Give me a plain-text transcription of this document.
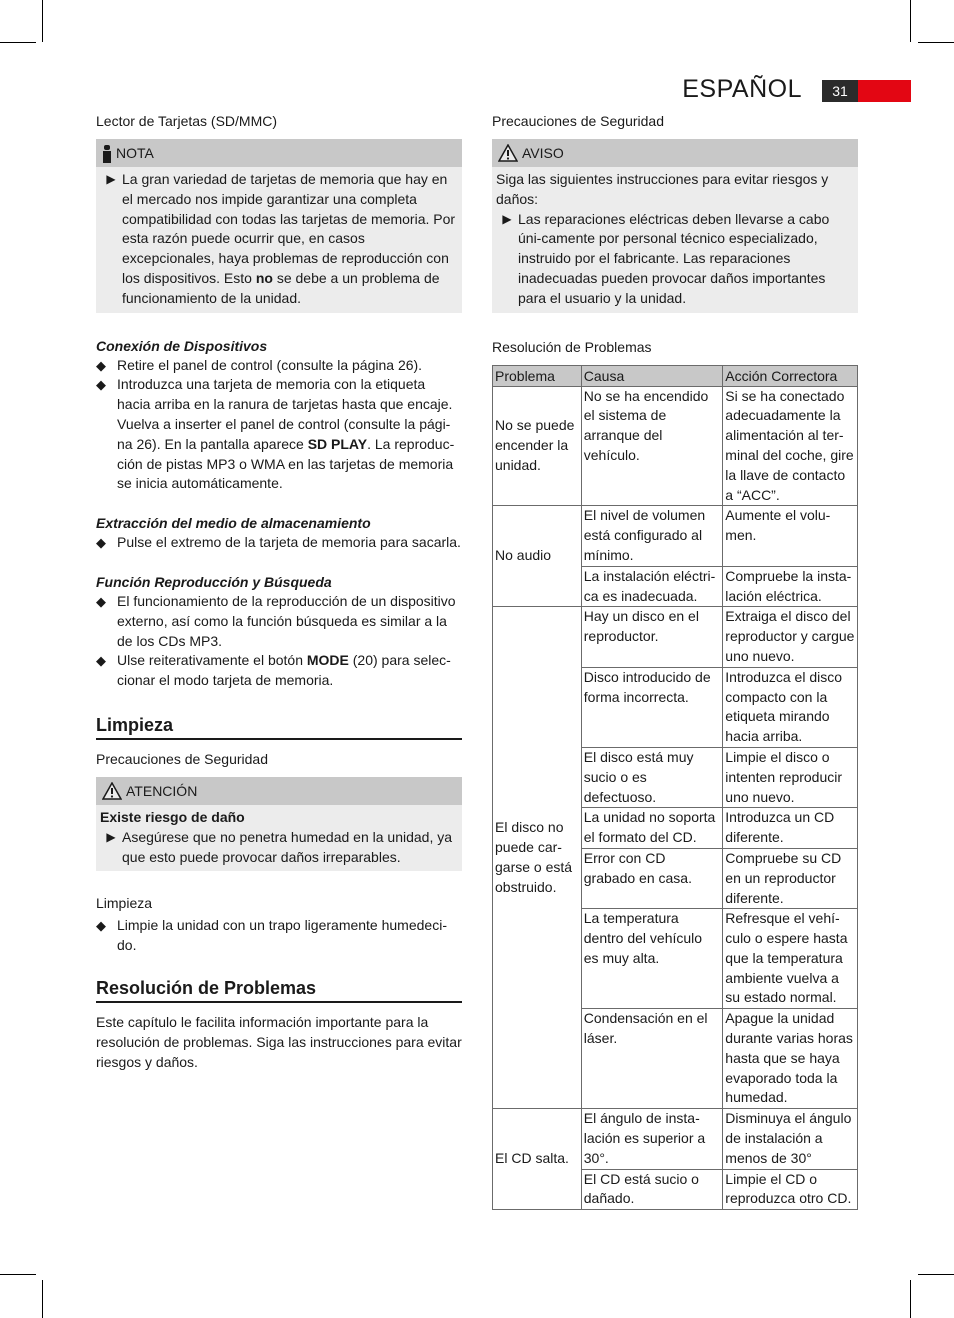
ESPAÑOL	31

Lector de Tarjetas (SD/MMC)

NOTA
▶ La gran variedad de tarjetas de memoria que hay en el mercado nos impide garantizar una completa compatibilidad con todas las tarjetas de memoria. Por esta razón puede ocurrir que, en casos excepcionales, haya problemas de reproducción con los dispositivos. Esto no se debe a un problema de funcionamiento de la unidad.

Conexión de Dispositivos

◆ Retire el panel de control (consulte la página 26).
◆ Introduzca una tarjeta de memoria con la etiqueta hacia arriba en la ranura de tarjetas hasta que encaje. Vuelva a inserter el panel de control (consulte la pági-na 26). En la pantalla aparece SD PLAY. La reproduc-ción de pistas MP3 o WMA en las tarjetas de memoria se inicia automáticamente.

Extracción del medio de almacenamiento

◆ Pulse el extremo de la tarjeta de memoria para sacarla.

Función Reproducción y Búsqueda

◆ El funcionamiento de la reproducción de un dispositivo externo, así como la función búsqueda es similar a la de los CDs MP3.
◆ Ulse reiterativamente el botón MODE (20) para selec-cionar el modo tarjeta de memoria.
Limpieza

Precauciones de Seguridad

ATENCIÓN
Existe riesgo de daño
▶ Asegúrese que no penetra humedad en la unidad, ya que esto puede provocar daños irreparables.

Limpieza

◆ Limpie la unidad con un trapo ligeramente humedeci-do.
Resolución de Problemas

Este capítulo le facilita información importante para la resolución de problemas. Siga las instrucciones para evitar riesgos y daños.

Precauciones de Seguridad

AVISO
Siga las siguientes instrucciones para evitar riesgos y daños:
▶ Las reparaciones eléctricas deben llevarse a cabo úni-camente por personal técnico especializado, instruido por el fabricante. Las reparaciones inadecuadas pueden provocar daños importantes para el usuario y la unidad.

Resolución de Problemas

Problema	Causa	Acción Correctora
No se puede encender la unidad.	No se ha encendido el sistema de arranque del vehículo.	Si se ha conectado adecuadamente la alimentación al ter-minal del coche, gire la llave de contacto a “ACC”.
No audio	El nivel de volumen está configurado al mínimo.	Aumente el volu-men.
	La instalación eléctri-ca es inadecuada.	Compruebe la insta-lación eléctrica.
El disco no puede car-garse o está obstruido.	Hay un disco en el reproductor.	Extraiga el disco del reproductor y cargue uno nuevo.
	Disco introducido de forma incorrecta.	Introduzca el disco compacto con la etiqueta mirando hacia arriba.
	El disco está muy sucio o es defectuoso.	Limpie el disco o intenten reproducir uno nuevo.
	La unidad no soporta el formato del CD.	Introduzca un CD diferente.
	Error con CD grabado en casa.	Compruebe su CD en un reproductor diferente.
	La temperatura dentro del vehículo es muy alta.	Refresque el vehí-culo o espere hasta que la temperatura ambiente vuelva a su estado normal.
	Condensación en el láser.	Apague la unidad durante varias horas hasta que se haya evaporado toda la humedad.
El CD salta.	El ángulo de insta-lación es superior a 30°.	Disminuya el ángulo de instalación a menos de 30°
	El CD está sucio o dañado.	Limpie el CD o reproduzca otro CD.
